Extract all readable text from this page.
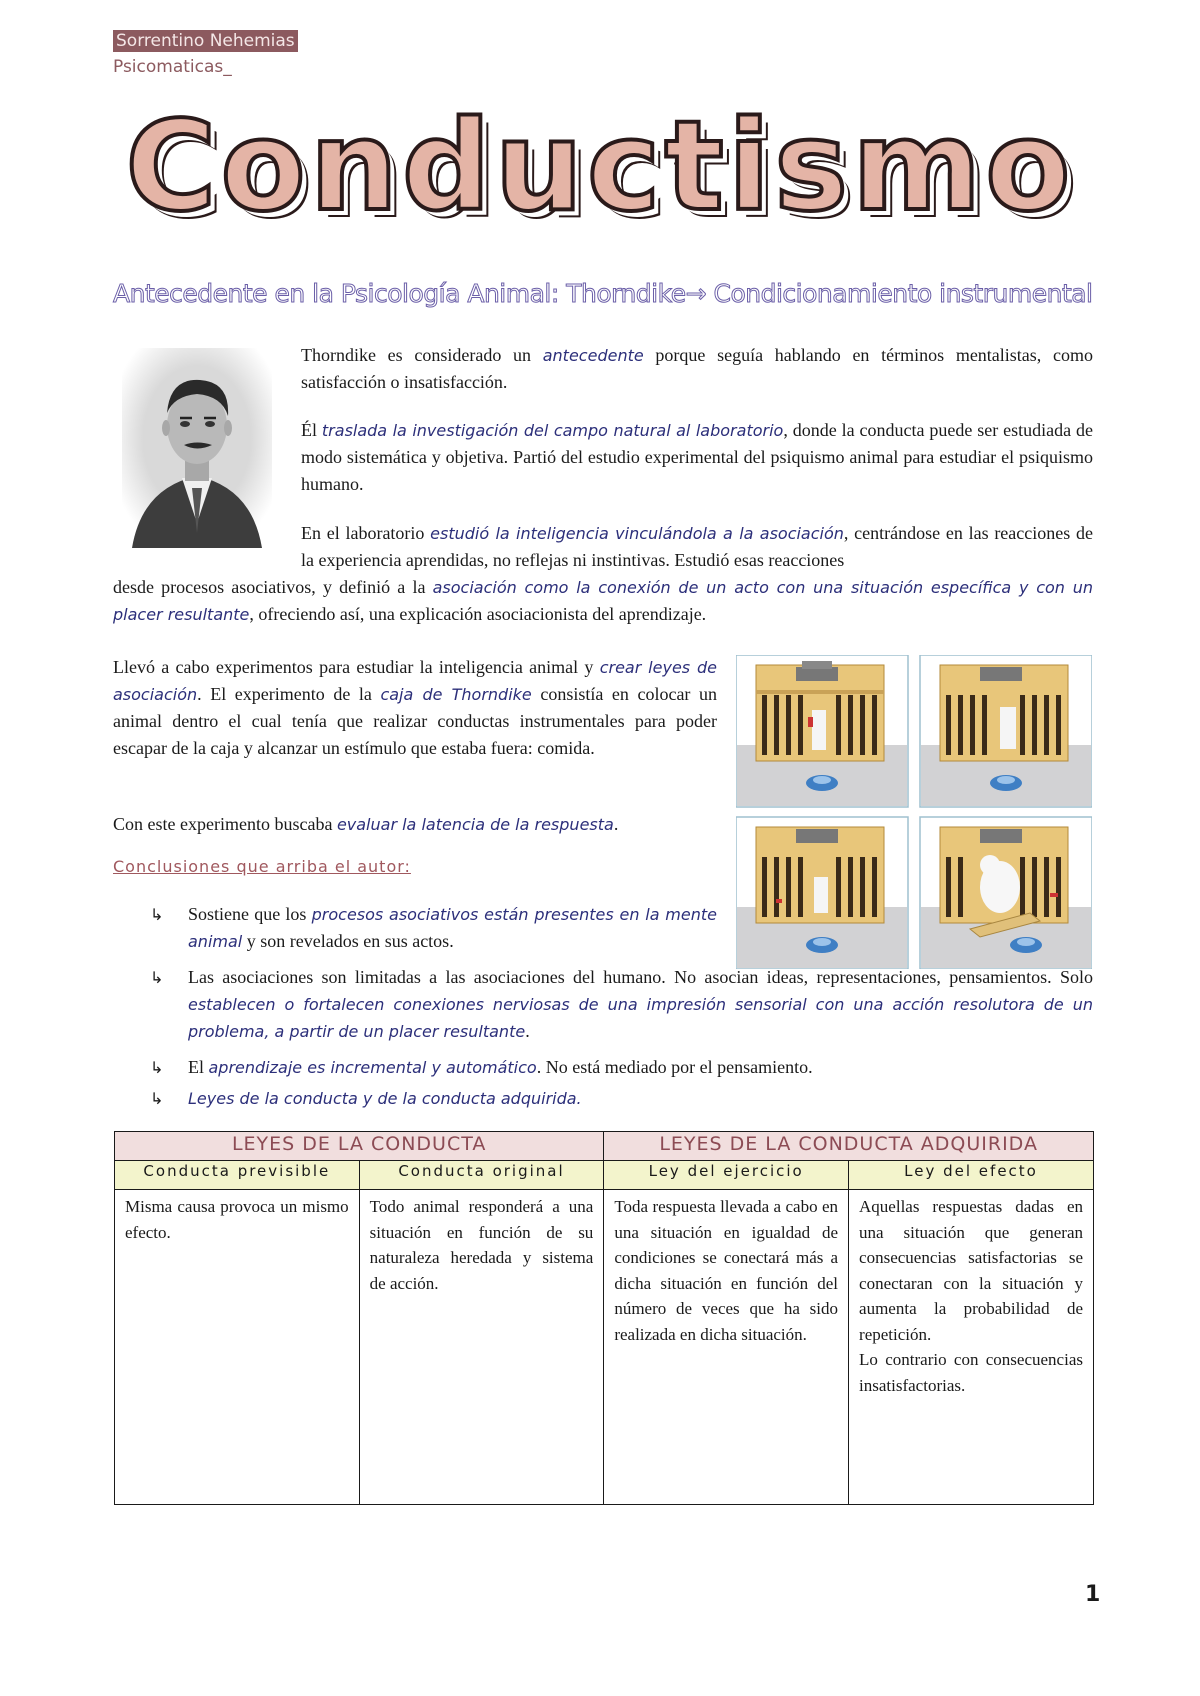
Sorrentino Nehemias
Psicomaticas_
Conductismo
Antecedente en la Psicología Animal: Thorndike→ Condicionamiento instrumental
Thorndike es considerado un antecedente porque seguía hablando en términos mentalistas, como satisfacción o insatisfacción.
Él traslada la investigación del campo natural al laboratorio, donde la conducta puede ser estudiada de modo sistemática y objetiva. Partió del estudio experimental del psiquismo animal para estudiar el psiquismo humano.
En el laboratorio estudió la inteligencia vinculándola a la asociación, centrándose en las reacciones de la experiencia aprendidas, no reflejas ni instintivas. Estudió esas reacciones
desde procesos asociativos, y definió a la asociación como la conexión de un acto con una situación específica y con un placer resultante, ofreciendo así, una explicación asociacionista del aprendizaje.
Llevó a cabo experimentos para estudiar la inteligencia animal y crear leyes de asociación. El experimento de la caja de Thorndike consistía en colocar un animal dentro el cual tenía que realizar conductas instrumentales para poder escapar de la caja y alcanzar un estímulo que estaba fuera: comida.
Con este experimento buscaba evaluar la latencia de la respuesta.
Conclusiones que arriba el autor:
↳ Sostiene que los procesos asociativos están presentes en la mente animal y son revelados en sus actos.
↳ Las asociaciones son limitadas a las asociaciones del humano. No asocian ideas, representaciones, pensamientos. Solo establecen o fortalecen conexiones nerviosas de una impresión sensorial con una acción resolutora de un problema, a partir de un placer resultante.
↳ El aprendizaje es incremental y automático. No está mediado por el pensamiento.
↳ Leyes de la conducta y de la conducta adquirida.
LEYES DE LA CONDUCTA		LEYES DE LA CONDUCTA ADQUIRIDA	
Conducta previsible	Conducta original	Ley del ejercicio	Ley del efecto
Misma causa provoca un mismo efecto.	Todo animal responderá a una situación en función de su naturaleza heredada y sistema de acción.	Toda respuesta llevada a cabo en una situación en igualdad de condiciones se conectará más a dicha situación en función del número de veces que ha sido realizada en dicha situación.	Aquellas respuestas dadas en una situación que generan consecuencias satisfactorias se conectaran con la situación y aumenta la probabilidad de repetición.
Lo contrario con consecuencias insatisfactorias.
1
